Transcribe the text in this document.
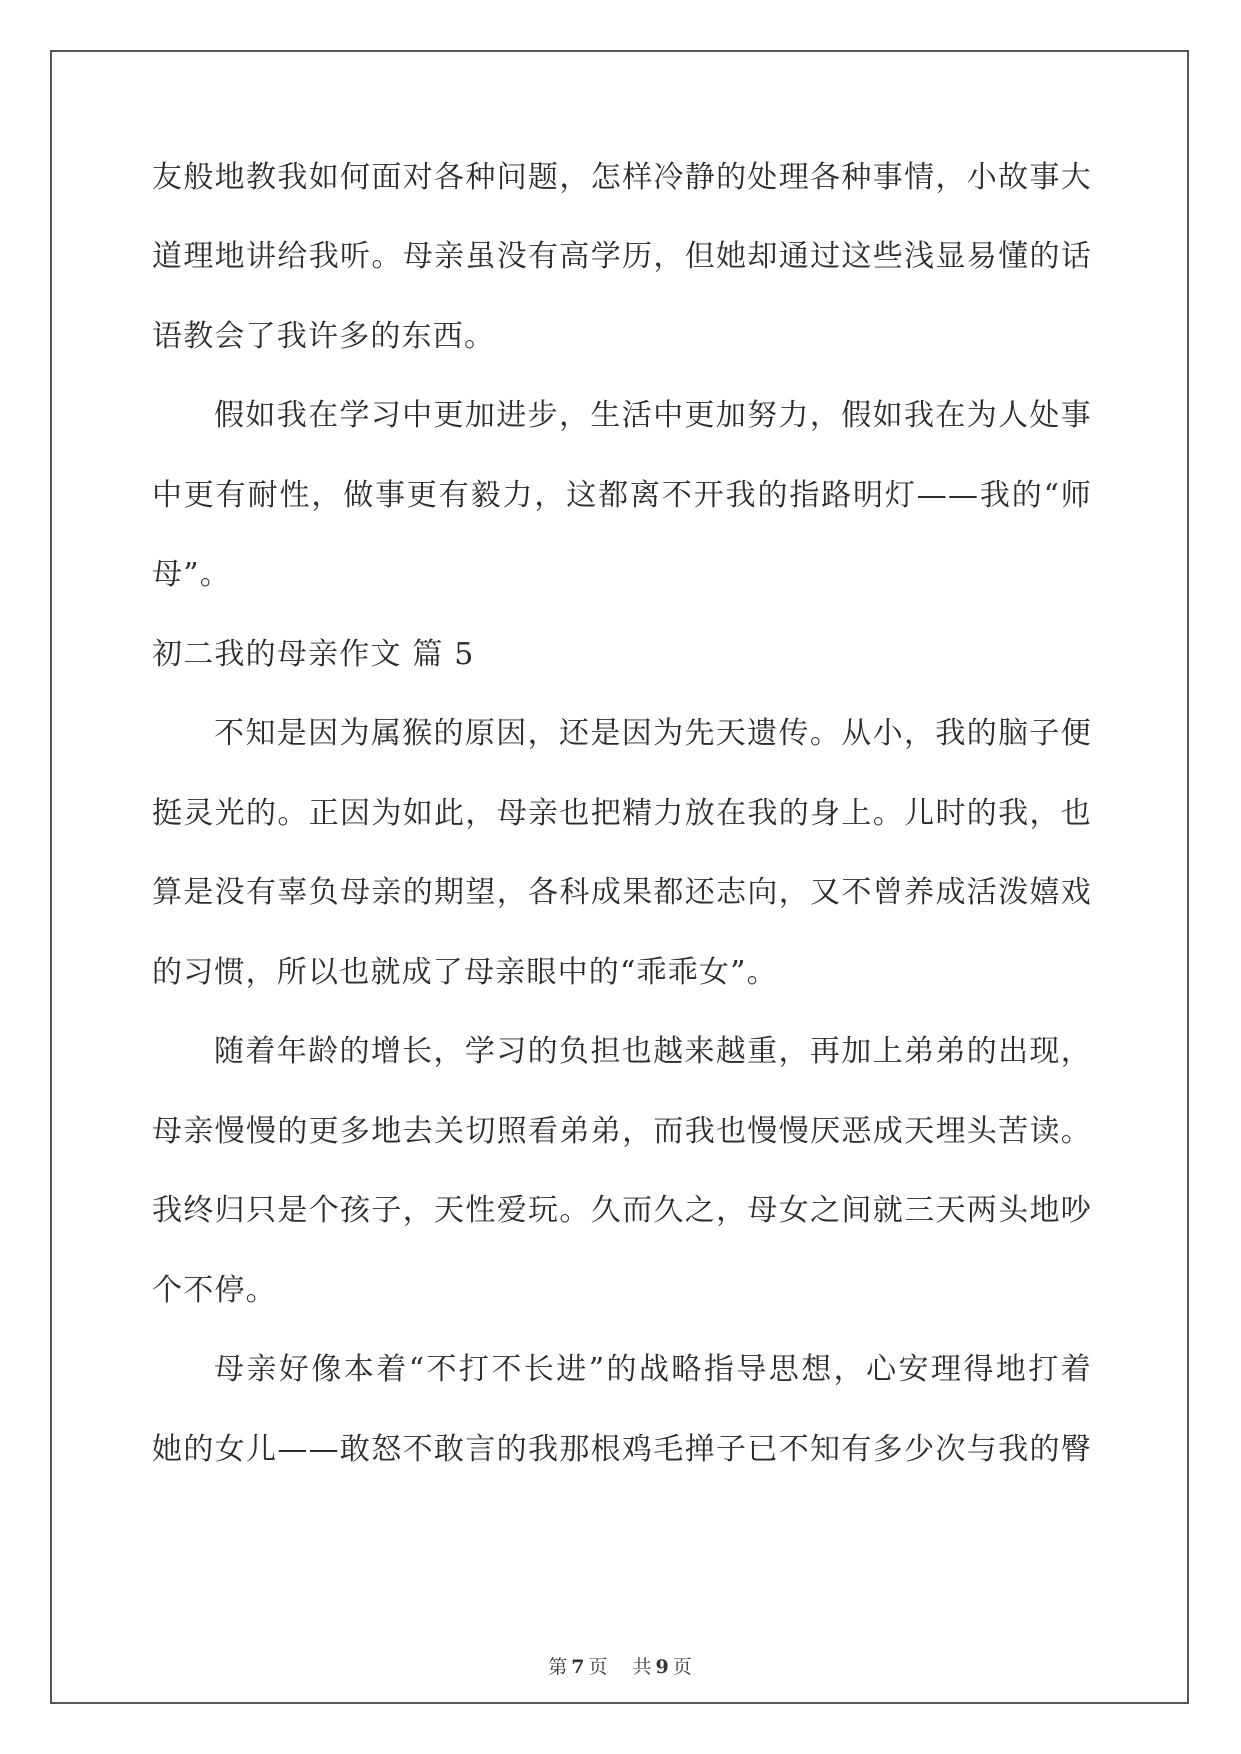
友般地教我如何面对各种问题，怎样冷静的处理各种事情，小故事大
道理地讲给我听。母亲虽没有高学历，但她却通过这些浅显易懂的话
语教会了我许多的东西。
假如我在学习中更加进步，生活中更加努力，假如我在为人处事
中更有耐性，做事更有毅力，这都离不开我的指路明灯——我的“师
母”。
初二我的母亲作文 篇 5
不知是因为属猴的原因，还是因为先天遗传。从小，我的脑子便
挺灵光的。正因为如此，母亲也把精力放在我的身上。儿时的我，也
算是没有辜负母亲的期望，各科成果都还志向，又不曾养成活泼嬉戏
的习惯，所以也就成了母亲眼中的“乖乖女”。
随着年龄的增长，学习的负担也越来越重，再加上弟弟的出现，
母亲慢慢的更多地去关切照看弟弟，而我也慢慢厌恶成天埋头苦读。
我终归只是个孩子，天性爱玩。久而久之，母女之间就三天两头地吵
个不停。
母亲好像本着“不打不长进”的战略指导思想，心安理得地打着
她的女儿——敢怒不敢言的我那根鸡毛掸子已不知有多少次与我的臀
第 7 页 共 9 页
